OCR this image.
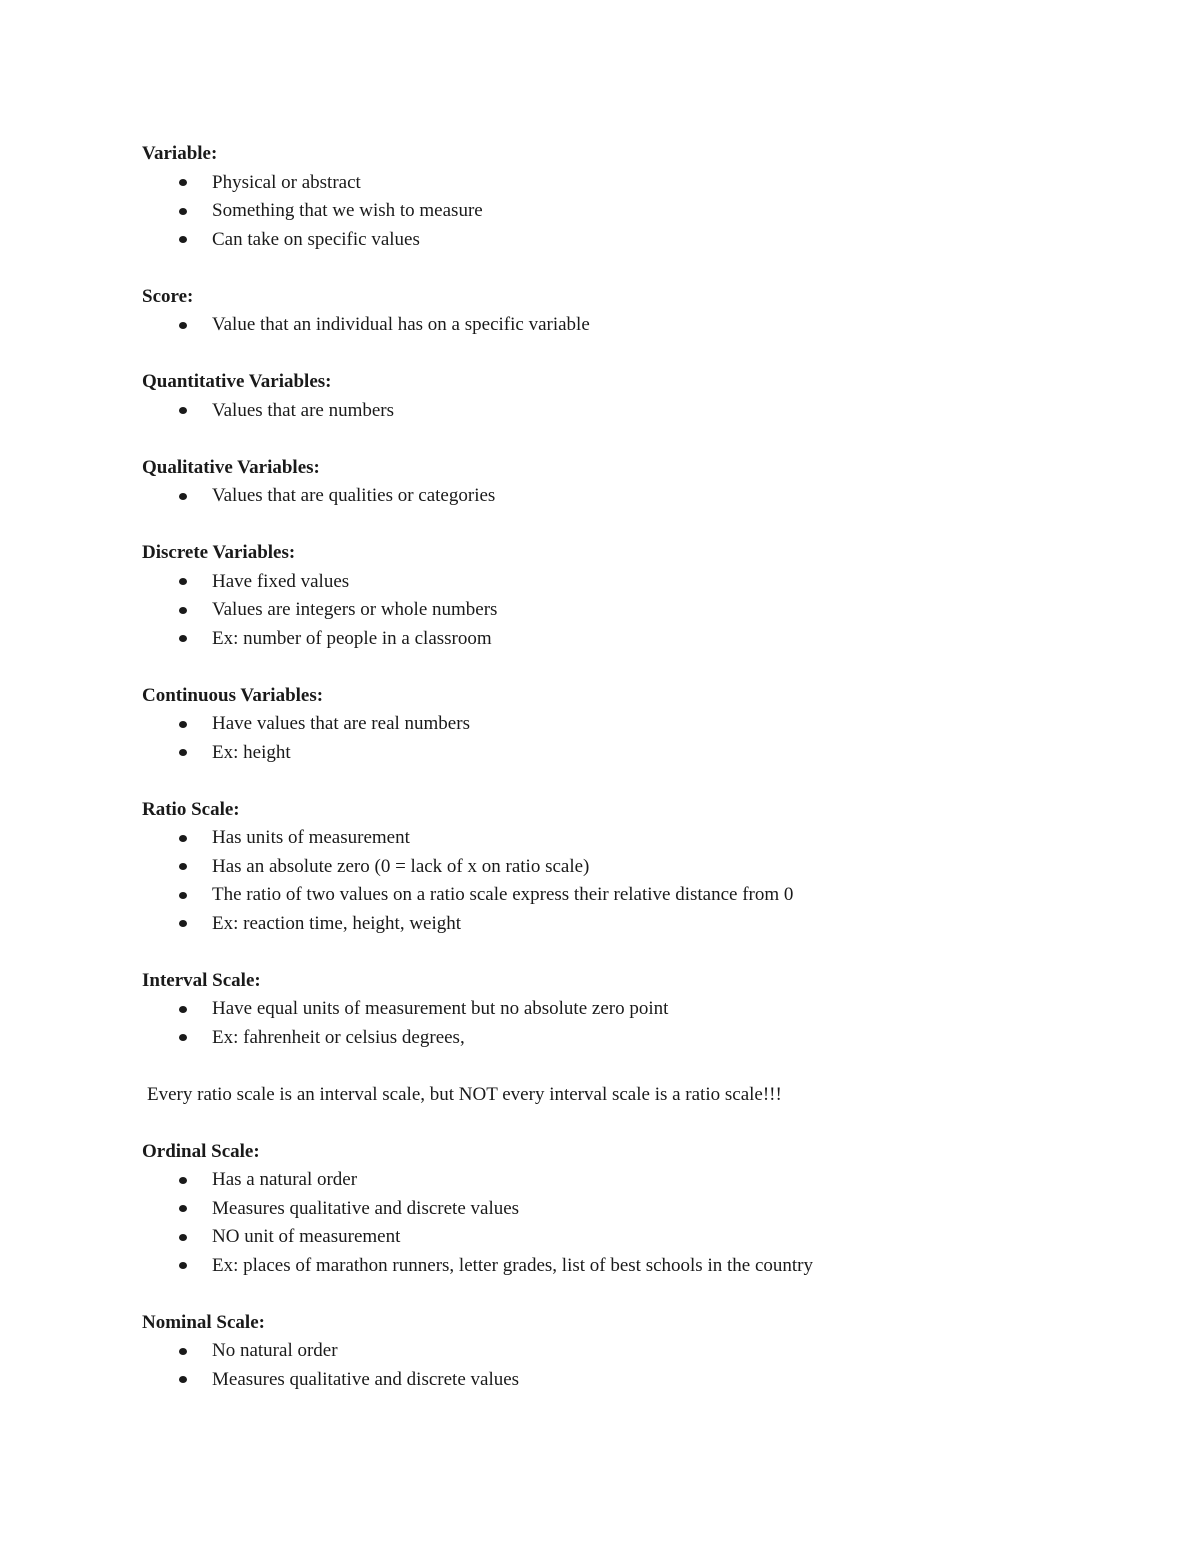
Variable:
Physical or abstract
Something that we wish to measure
Can take on specific values
Score:
Value that an individual has on a specific variable
Quantitative Variables:
Values that are numbers
Qualitative Variables:
Values that are qualities or categories
Discrete Variables:
Have fixed values
Values are integers or whole numbers
Ex: number of people in a classroom
Continuous Variables:
Have values that are real numbers
Ex: height
Ratio Scale:
Has units of measurement
Has an absolute zero (0 = lack of x on ratio scale)
The ratio of two values on a ratio scale express their relative distance from 0
Ex: reaction time, height, weight
Interval Scale:
Have equal units of measurement but no absolute zero point
Ex: fahrenheit or celsius degrees,
Every ratio scale is an interval scale, but NOT every interval scale is a ratio scale!!!
Ordinal Scale:
Has a natural order
Measures qualitative and discrete values
NO unit of measurement
Ex: places of marathon runners, letter grades, list of best schools in the country
Nominal Scale:
No natural order
Measures qualitative and discrete values
